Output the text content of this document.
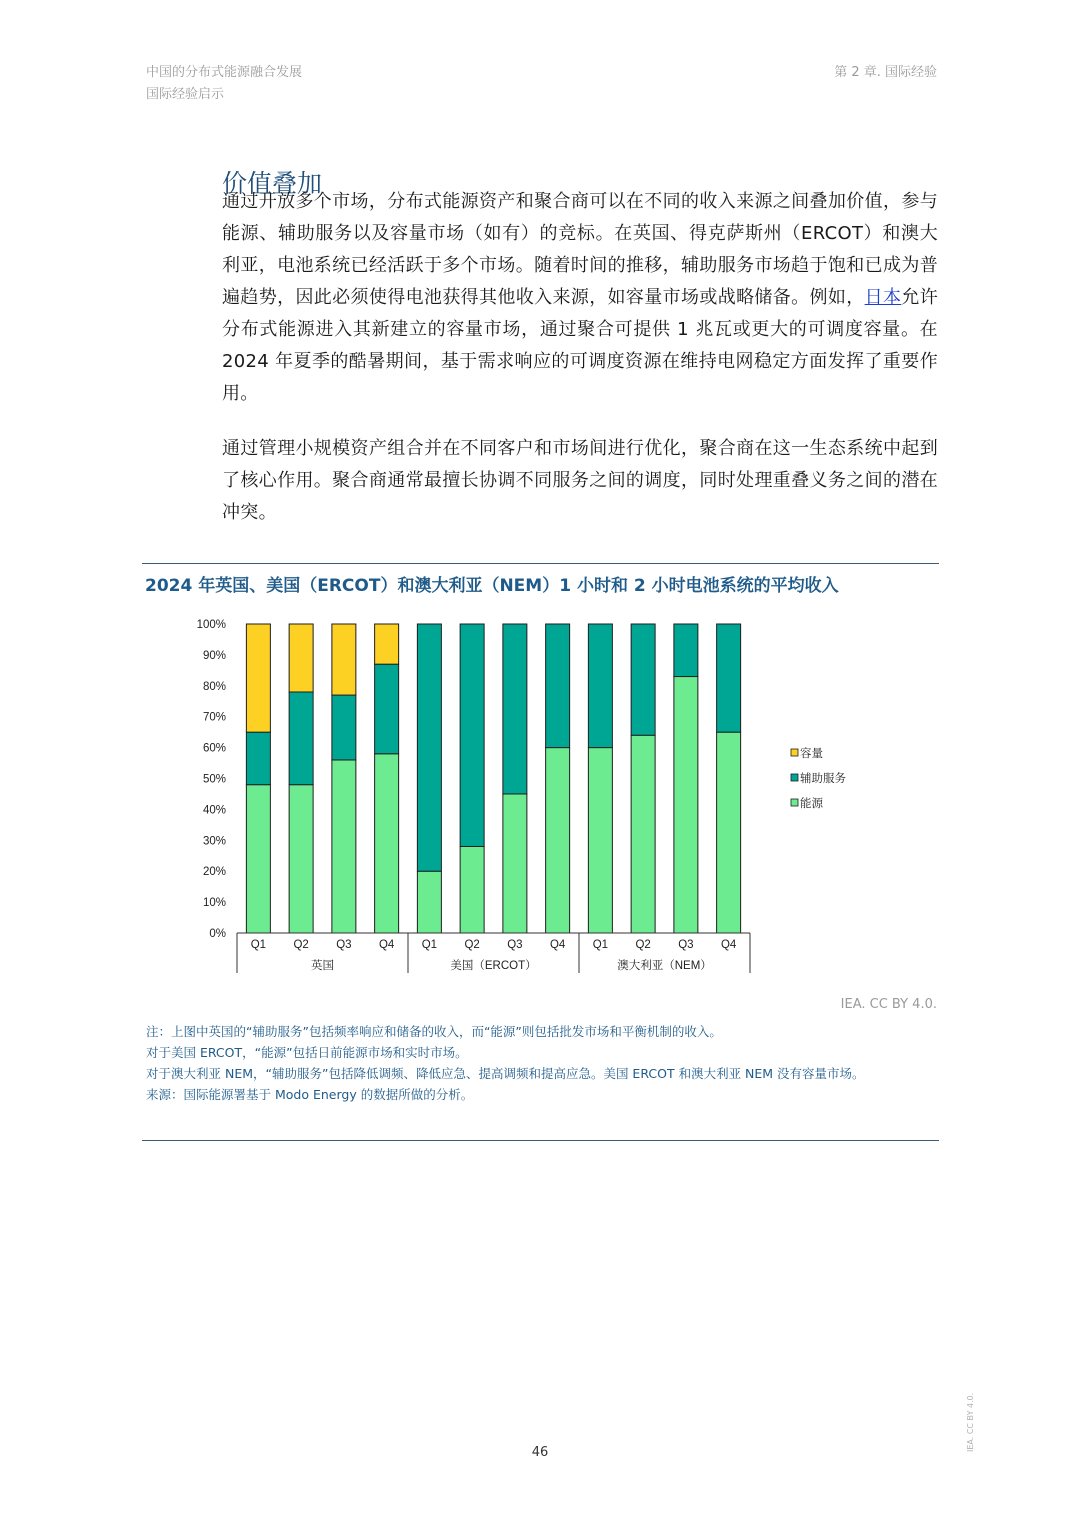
中国的分布式能源融合发展
国际经验启示
第 2 章. 国际经验
价值叠加
通过开放多个市场，分布式能源资产和聚合商可以在不同的收入来源之间叠加价值，参与能源、辅助服务以及容量市场（如有）的竞标。在英国、得克萨斯州（ERCOT）和澳大利亚，电池系统已经活跃于多个市场。随着时间的推移，辅助服务市场趋于饱和已成为普遍趋势，因此必须使得电池获得其他收入来源，如容量市场或战略储备。例如，日本允许分布式能源进入其新建立的容量市场，通过聚合可提供 1 兆瓦或更大的可调度容量。在 2024 年夏季的酷暑期间，基于需求响应的可调度资源在维持电网稳定方面发挥了重要作用。
通过管理小规模资产组合并在不同客户和市场间进行优化，聚合商在这一生态系统中起到了核心作用。聚合商通常最擅长协调不同服务之间的调度，同时处理重叠义务之间的潜在冲突。
2024 年英国、美国（ERCOT）和澳大利亚（NEM）1 小时和 2 小时电池系统的平均收入
0%
10%
20%
30%
40%
50%
60%
70%
80%
90%
100%
Q1 Q2 Q3 Q4 Q1 Q2 Q3 Q4 Q1 Q2 Q3 Q4
英国	美国（ERCOT）	澳大利亚（NEM）
容量
辅助服务
能源
IEA. CC BY 4.0.
注：上图中英国的“辅助服务”包括频率响应和储备的收入，而“能源”则包括批发市场和平衡机制的收入。
对于美国 ERCOT，“能源”包括日前能源市场和实时市场。
对于澳大利亚 NEM，“辅助服务”包括降低调频、降低应急、提高调频和提高应急。美国 ERCOT 和澳大利亚 NEM 没有容量市场。
来源：国际能源署基于 Modo Energy 的数据所做的分析。
46
IEA. CC BY 4.0.
